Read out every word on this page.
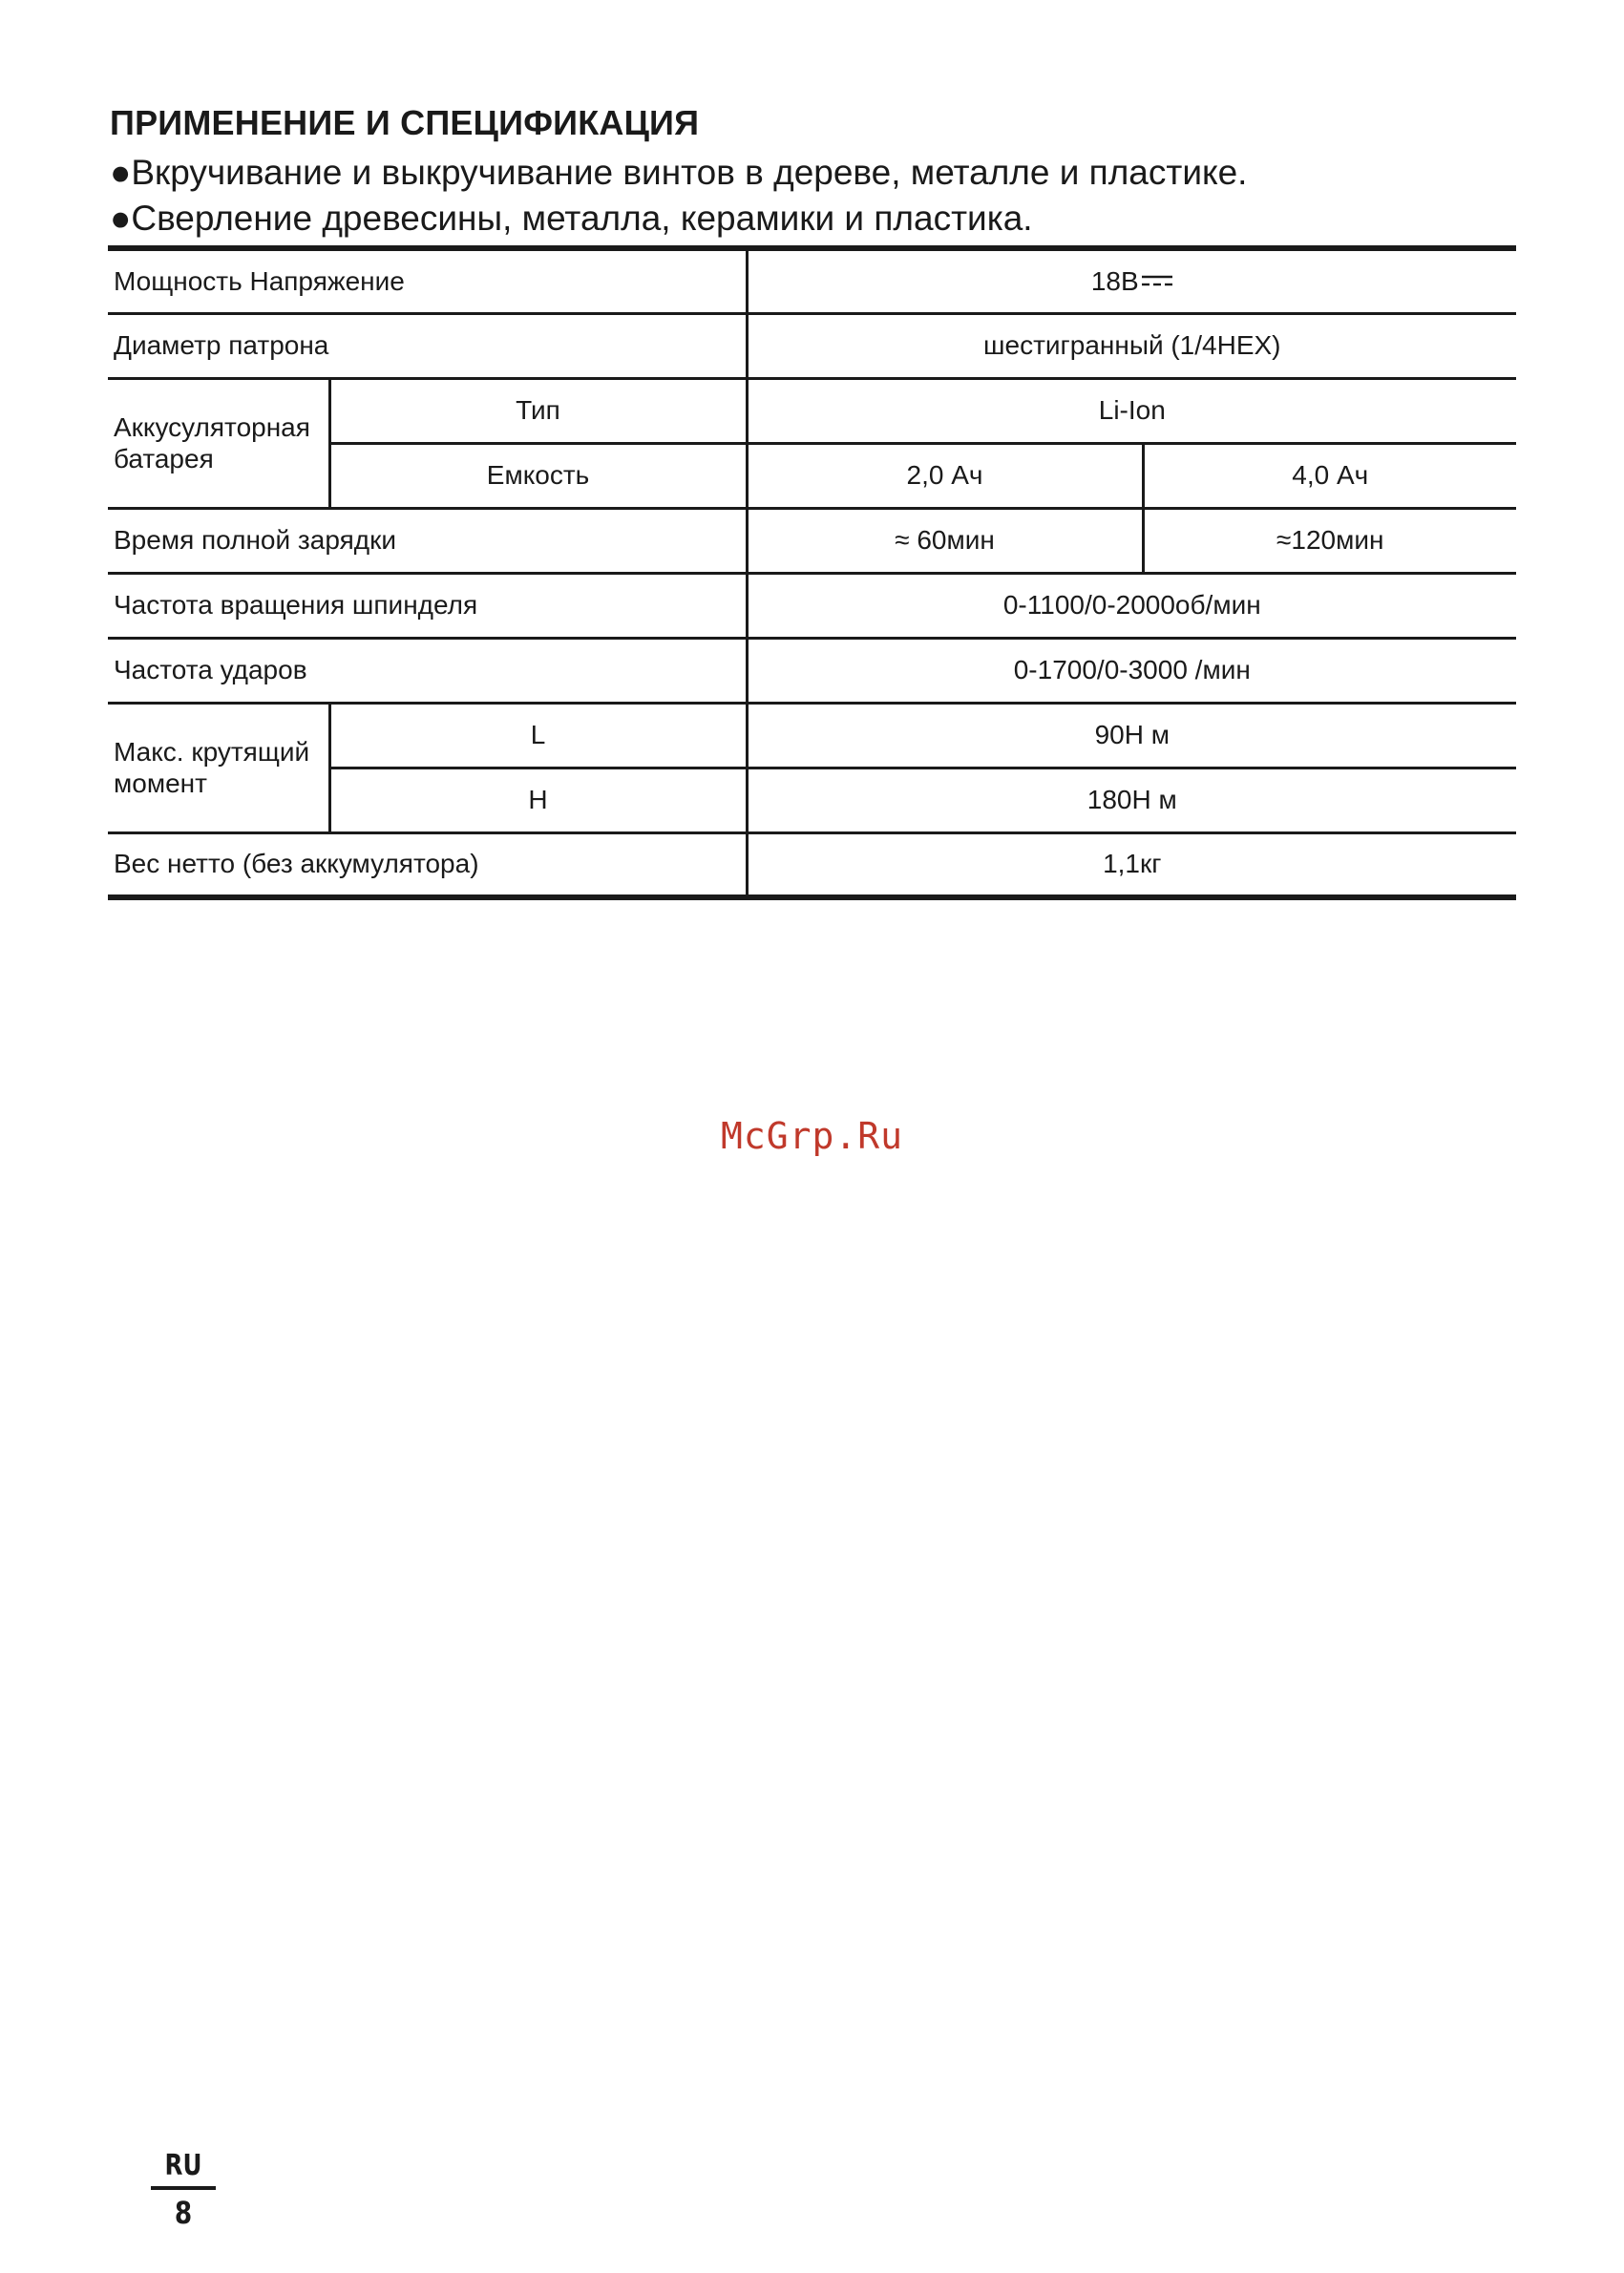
ПРИМЕНЕНИЕ И СПЕЦИФИКАЦИЯ

●Вкручивание и выкручивание винтов в дереве, металле и пластике.

●Сверление древесины, металла, керамики и пластика.

Мощность Напряжение		18В	
Диаметр патрона		шестигранный (1/4HEX)	
Аккусуляторная батарея	Тип	Li-Ion	
	Емкость	2,0 Ач	4,0 Ач
Время полной зарядки		≈ 60мин	≈120мин
Частота вращения шпинделя		0-1100/0-2000об/мин	
Частота ударов		0-1700/0-3000 /мин	
Макс. крутящий момент	L	90Н м	
	H	180Н м	
Вес нетто (без аккумулятора)		1,1кг	
McGrp.Ru
RU
8
